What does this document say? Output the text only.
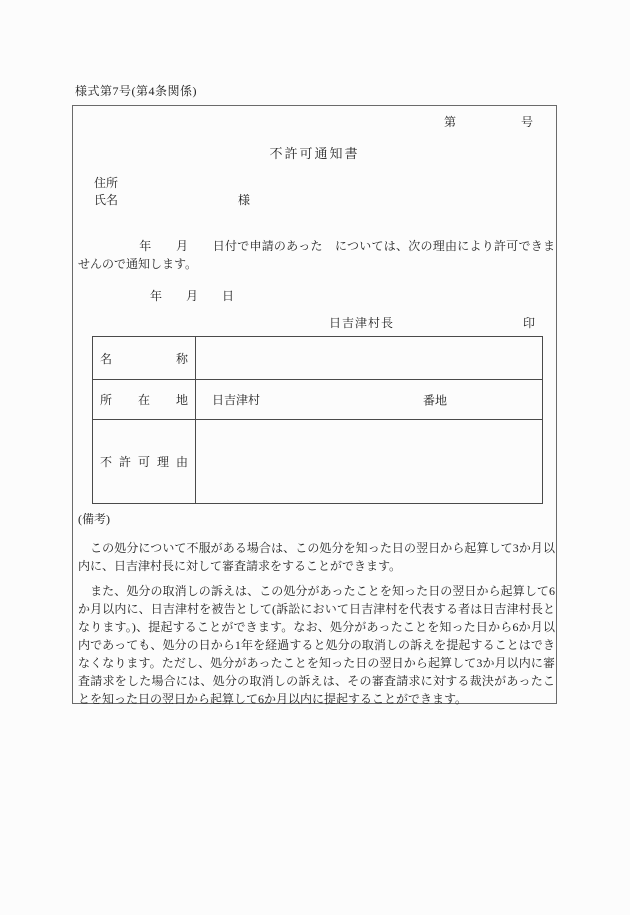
様式第7号(第4条関係)
第	号
不許可通知書
住所
氏名	様

　　　　　年　　月　　日付で申請のあった　については、次の理由により許可できませんので通知します。

　　　　　　年　　月　　日
日吉津村長	印
名称	
所在地	日吉津村 番地

不許可理由	
(備考)

　この処分について不服がある場合は、この処分を知った日の翌日から起算して3か月以内に、日吉津村長に対して審査請求をすることができます。

　また、処分の取消しの訴えは、この処分があったことを知った日の翌日から起算して6か月以内に、日吉津村を被告として(訴訟において日吉津村を代表する者は日吉津村長となります。)、提起することができます。なお、処分があったことを知った日から6か月以内であっても、処分の日から1年を経過すると処分の取消しの訴えを提起することはできなくなります。ただし、処分があったことを知った日の翌日から起算して3か月以内に審査請求をした場合には、処分の取消しの訴えは、その審査請求に対する裁決があったことを知った日の翌日から起算して6か月以内に提起することができます。
